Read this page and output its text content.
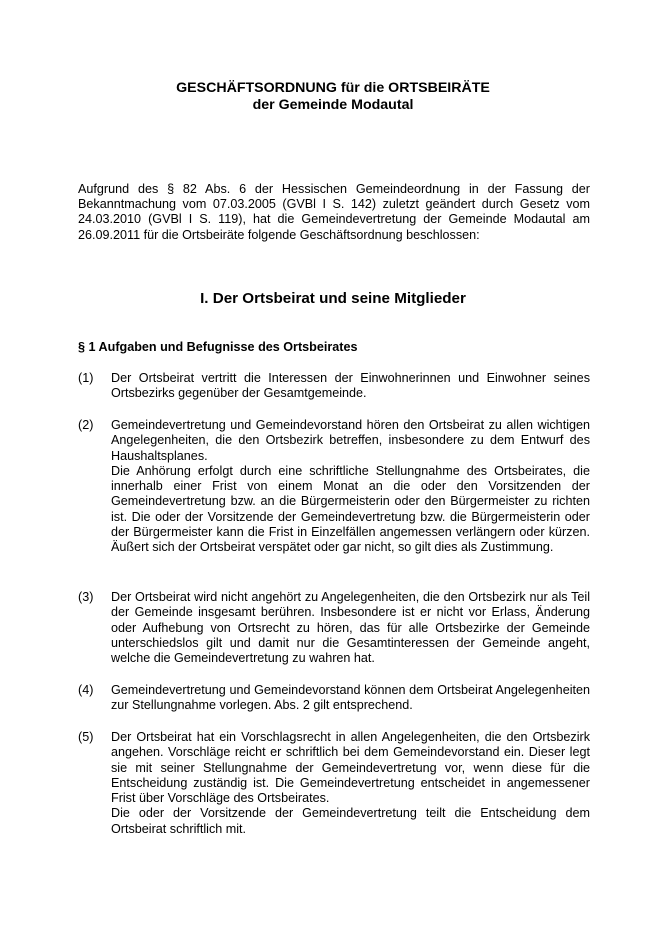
GESCHÄFTSORDNUNG für die ORTSBEIRÄTE
der Gemeinde Modautal
Aufgrund des § 82 Abs. 6 der Hessischen Gemeindeordnung in der Fassung der Bekanntmachung vom 07.03.2005 (GVBl I S. 142) zuletzt geändert durch Gesetz vom 24.03.2010 (GVBl I S. 119), hat die Gemeindevertretung der Gemeinde Modautal am 26.09.2011 für die Ortsbeiräte folgende Geschäftsordnung beschlossen:
I. Der Ortsbeirat und seine Mitglieder
§ 1 Aufgaben und Befugnisse des Ortsbeirates
(1)	Der Ortsbeirat vertritt die Interessen der Einwohnerinnen und Einwohner seines Ortsbezirks gegenüber der Gesamtgemeinde.

(2)	Gemeindevertretung und Gemeindevorstand hören den Ortsbeirat zu allen wichtigen Angelegenheiten, die den Ortsbezirk betreffen, insbesondere zu dem Entwurf des Haushaltsplanes.

Die Anhörung erfolgt durch eine schriftliche Stellungnahme des Ortsbeirates, die innerhalb einer Frist von einem Monat an die oder den Vorsitzenden der Gemeindevertretung bzw. an die Bürgermeisterin oder den Bürgermeister zu richten ist. Die oder der Vorsitzende der Gemeindevertretung bzw. die Bürgermeisterin oder der Bürgermeister kann die Frist in Einzelfällen angemessen verlängern oder kürzen. Äußert sich der Ortsbeirat verspätet oder gar nicht, so gilt dies als Zustimmung.

(3)	Der Ortsbeirat wird nicht angehört zu Angelegenheiten, die den Ortsbezirk nur als Teil der Gemeinde insgesamt berühren. Insbesondere ist er nicht vor Erlass, Änderung oder Aufhebung von Ortsrecht zu hören, das für alle Ortsbezirke der Gemeinde unterschiedslos gilt und damit nur die Gesamtinteressen der Gemeinde angeht, welche die Gemeindevertretung zu wahren hat.

(4)	Gemeindevertretung und Gemeindevorstand können dem Ortsbeirat Angelegenheiten zur Stellungnahme vorlegen. Abs. 2 gilt entsprechend.

(5)	Der Ortsbeirat hat ein Vorschlagsrecht in allen Angelegenheiten, die den Ortsbezirk angehen. Vorschläge reicht er schriftlich bei dem Gemeindevorstand ein. Dieser legt sie mit seiner Stellungnahme der Gemeindevertretung vor, wenn diese für die Entscheidung zuständig ist. Die Gemeindevertretung entscheidet in angemessener Frist über Vorschläge des Ortsbeirates.

Die oder der Vorsitzende der Gemeindevertretung teilt die Entscheidung dem Ortsbeirat schriftlich mit.
